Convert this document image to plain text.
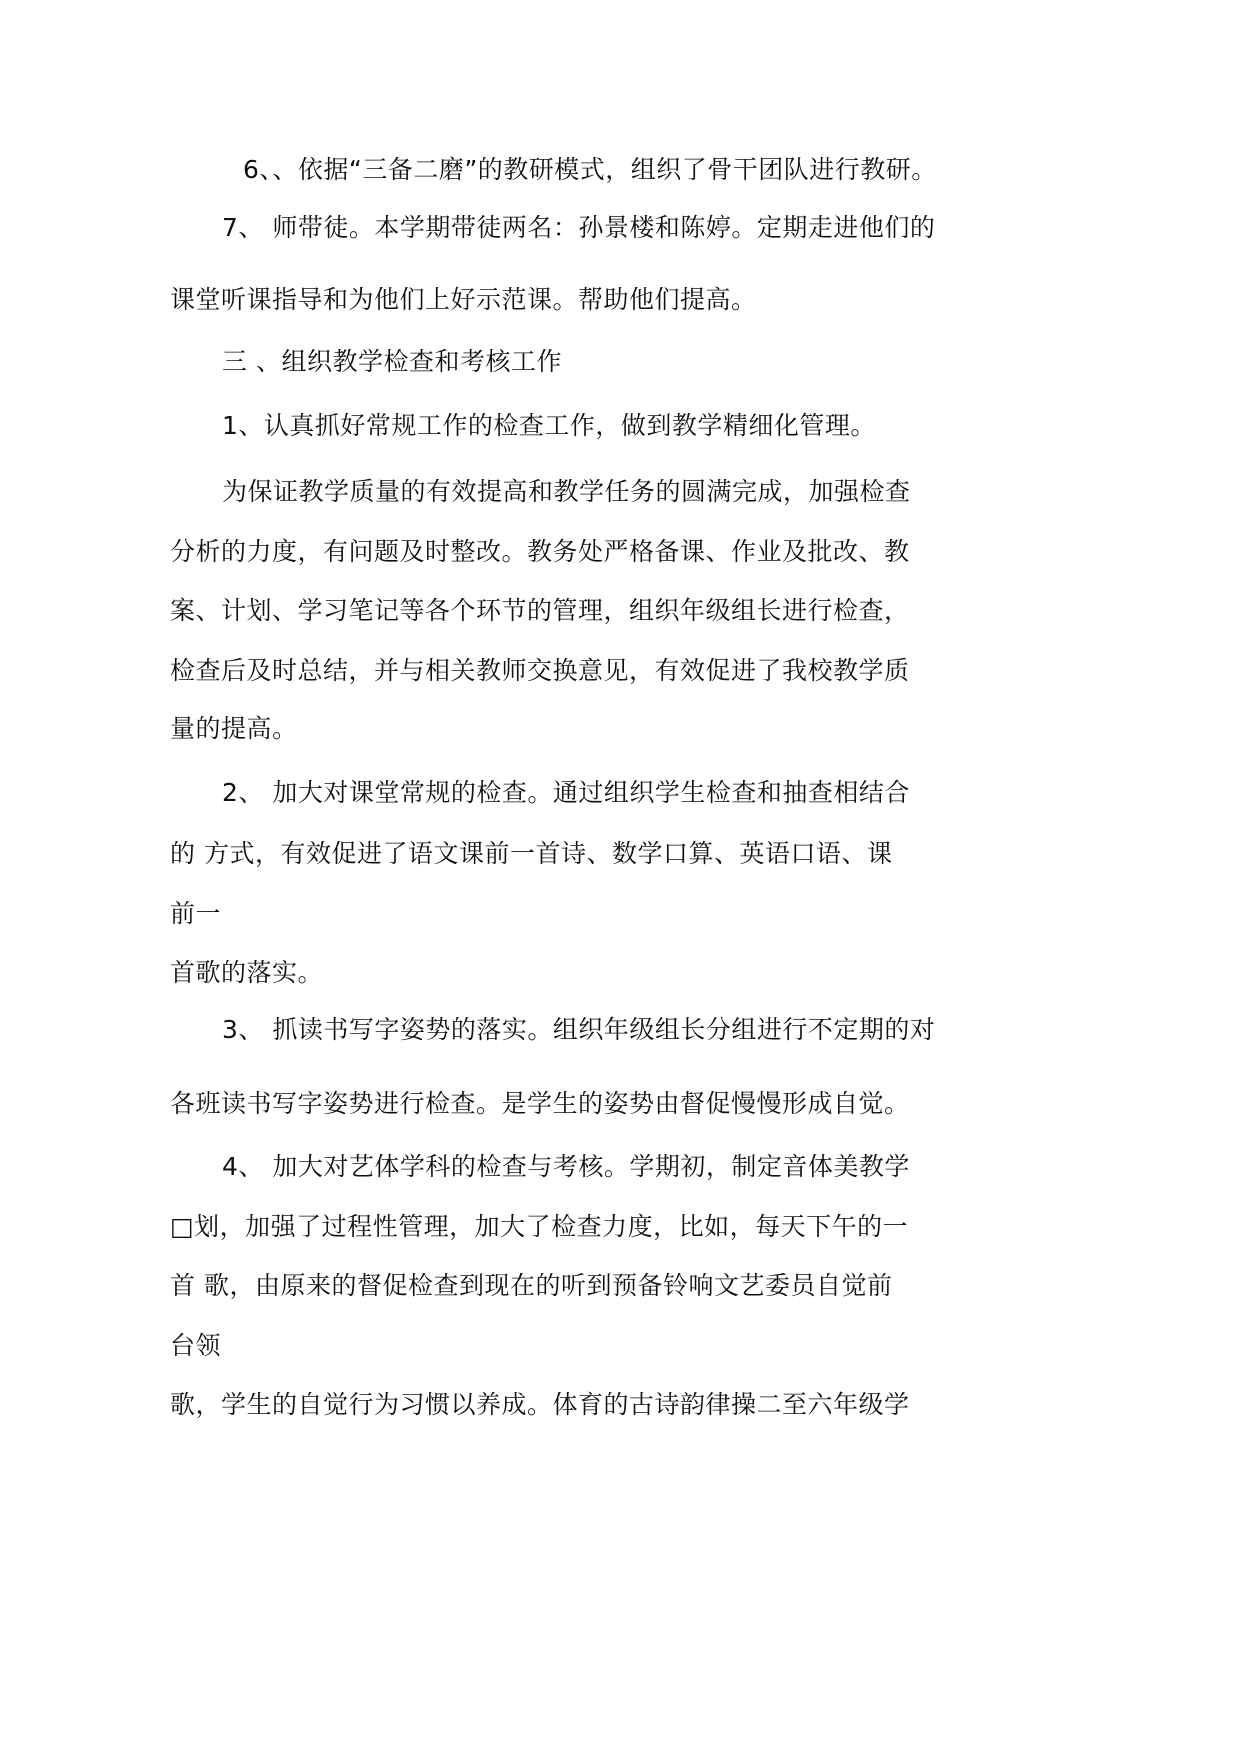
6、、依据“三备二磨”的教研模式，组织了骨干团队进行教研。
7、 师带徒。本学期带徒两名：孙景楼和陈婷。定期走进他们的
课堂听课指导和为他们上好示范课。帮助他们提高。
三 、组织教学检查和考核工作
1、认真抓好常规工作的检查工作，做到教学精细化管理。
为保证教学质量的有效提高和教学任务的圆满完成，加强检查
分析的力度，有问题及时整改。教务处严格备课、作业及批改、教
案、计划、学习笔记等各个环节的管理，组织年级组长进行检查，
检查后及时总结，并与相关教师交换意见，有效促进了我校教学质
量的提高。
2、 加大对课堂常规的检查。通过组织学生检查和抽查相结合
的 方式，有效促进了语文课前一首诗、数学口算、英语口语、课
前一
首歌的落实。
3、 抓读书写字姿势的落实。组织年级组长分组进行不定期的对
各班读书写字姿势进行检查。是学生的姿势由督促慢慢形成自觉。
4、 加大对艺体学科的检查与考核。学期初，制定音体美教学
□划，加强了过程性管理，加大了检查力度，比如，每天下午的一
首 歌，由原来的督促检查到现在的听到预备铃响文艺委员自觉前
台领
歌，学生的自觉行为习惯以养成。体育的古诗韵律操二至六年级学
